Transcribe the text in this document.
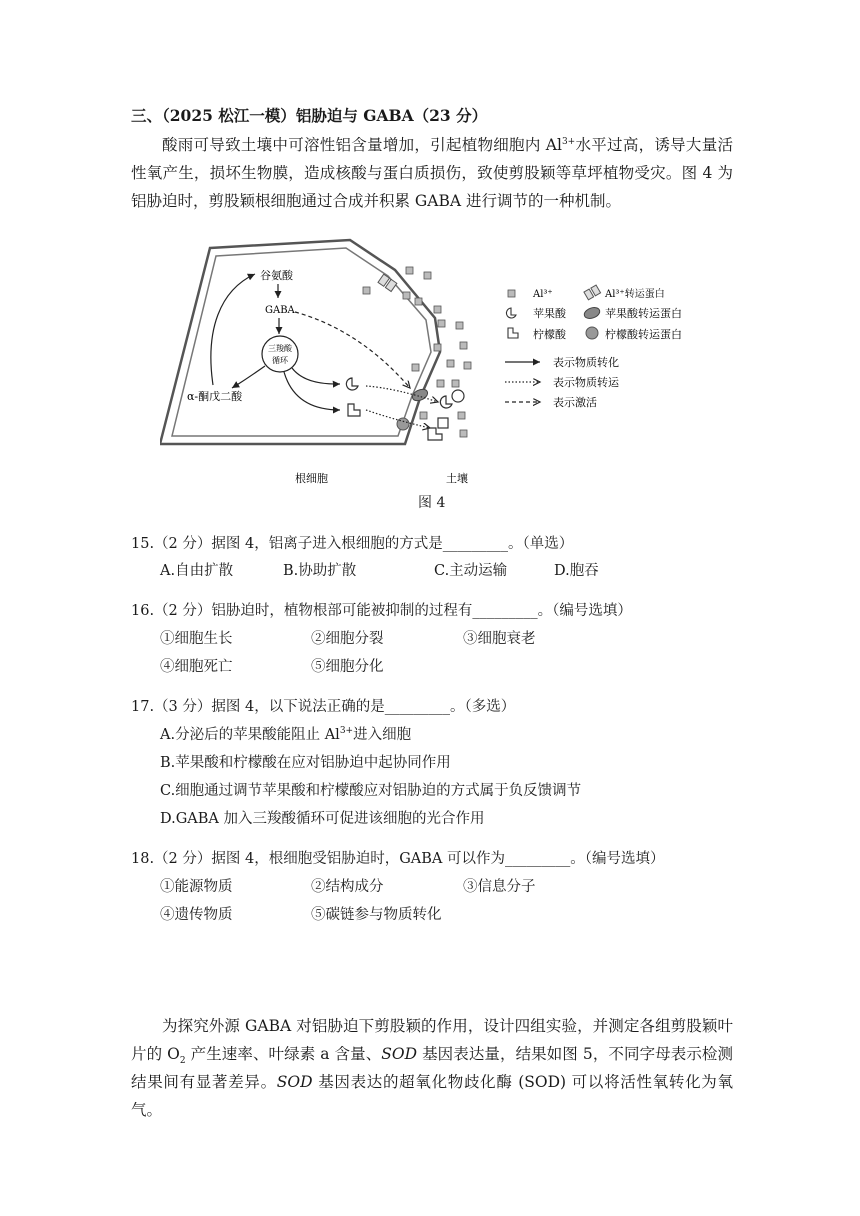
三、（2025 松江一模）铝胁迫与 GABA（23 分）
酸雨可导致土壤中可溶性铝含量增加，引起植物细胞内 $Al^{3+}$水平过高，诱导大量活性氧产生，损坏生物膜，造成核酸与蛋白质损伤，致使剪股颖等草坪植物受灾。图 4 为铝胁迫时，剪股颖根细胞通过合成并积累 GABA 进行调节的一种机制。
谷氨酸
GABA
三羧酸
循环
α-酮戊二酸
Al³⁺	Al³⁺转运蛋白
苹果酸	苹果酸转运蛋白
柠檬酸	柠檬酸转运蛋白
表示物质转化
表示物质转运
表示激活
根细胞	土壤
图 4
15.（2 分）据图 4，铝离子进入根细胞的方式是_________。（单选）
A.自由扩散	B.协助扩散	C.主动运输	D.胞吞
16.（2 分）铝胁迫时，植物根部可能被抑制的过程有_________。（编号选填）
①细胞生长	②细胞分裂	③细胞衰老
④细胞死亡	⑤细胞分化
17.（3 分）据图 4，以下说法正确的是_________。（多选）
A.分泌后的苹果酸能阻止 $Al^{3+}$进入细胞
B.苹果酸和柠檬酸在应对铝胁迫中起协同作用
C.细胞通过调节苹果酸和柠檬酸应对铝胁迫的方式属于负反馈调节
D.GABA 加入三羧酸循环可促进该细胞的光合作用
18.（2 分）据图 4，根细胞受铝胁迫时，GABA 可以作为_________。（编号选填）
①能源物质	②结构成分	③信息分子
④遗传物质	⑤碳链参与物质转化
为探究外源 GABA 对铝胁迫下剪股颖的作用，设计四组实验，并测定各组剪股颖叶片的 $O_2$ 产生速率、叶绿素 a 含量、SOD 基因表达量，结果如图 5，不同字母表示检测结果间有显著差异。SOD 基因表达的超氧化物歧化酶 (SOD) 可以将活性氧转化为氧气。
